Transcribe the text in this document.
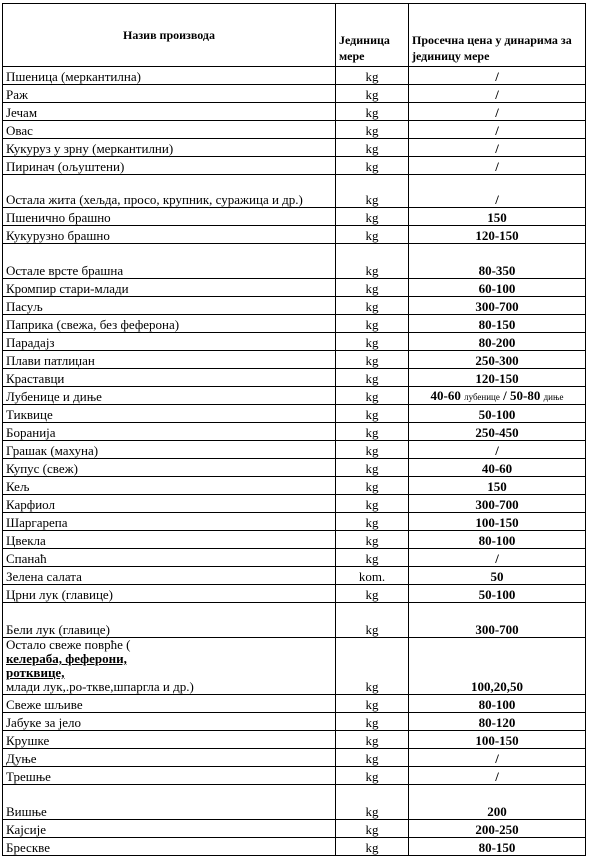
Назив производа	Јединица мере	Просечна цена у динарима за јединицу мере
Пшеница (меркантилна)	kg	/
Раж	kg	/
Јечам	kg	/
Овас	kg	/
Кукуруз у зрну (меркантилни)	kg	/
Пиринач (ољуштени)	kg	/
Остала жита (хељда, просо, крупник, суражица и др.)	kg	/
Пшенично брашно	kg	150
Кукурузно брашно	kg	120-150
Остале врсте брашна	kg	80-350
Кромпир стари-млади	kg	60-100
Пасуљ	kg	300-700
Паприка (свежа, без феферона)	kg	80-150
Парадајз	kg	80-200
Плави патлиџан	kg	250-300
Краставци	kg	120-150
Лубенице и диње	kg	40-60 лубенице / 50-80 диње
Тиквице	kg	50-100
Боранија	kg	250-450
Грашак (махуна)	kg	/
Купус (свеж)	kg	40-60
Кељ	kg	150
Карфиол	kg	300-700
Шаргарепа	kg	100-150
Цвекла	kg	80-100
Спанаћ	kg	/
Зелена салата	kom.	50
Црни лук (главице)	kg	50-100
Бели лук (главице)	kg	300-700

Остало свеже поврће (
келераба, феферони,
ротквице,
млади лук,.ро-ткве,шпаргла и др.)	kg	100,20,50
Свеже шљиве	kg	80-100
Јабуке за јело	kg	80-120
Крушке	kg	100-150
Дуње	kg	/
Трешње	kg	/
Вишње	kg	200
Кајсије	kg	200-250
Брескве	kg	80-150
